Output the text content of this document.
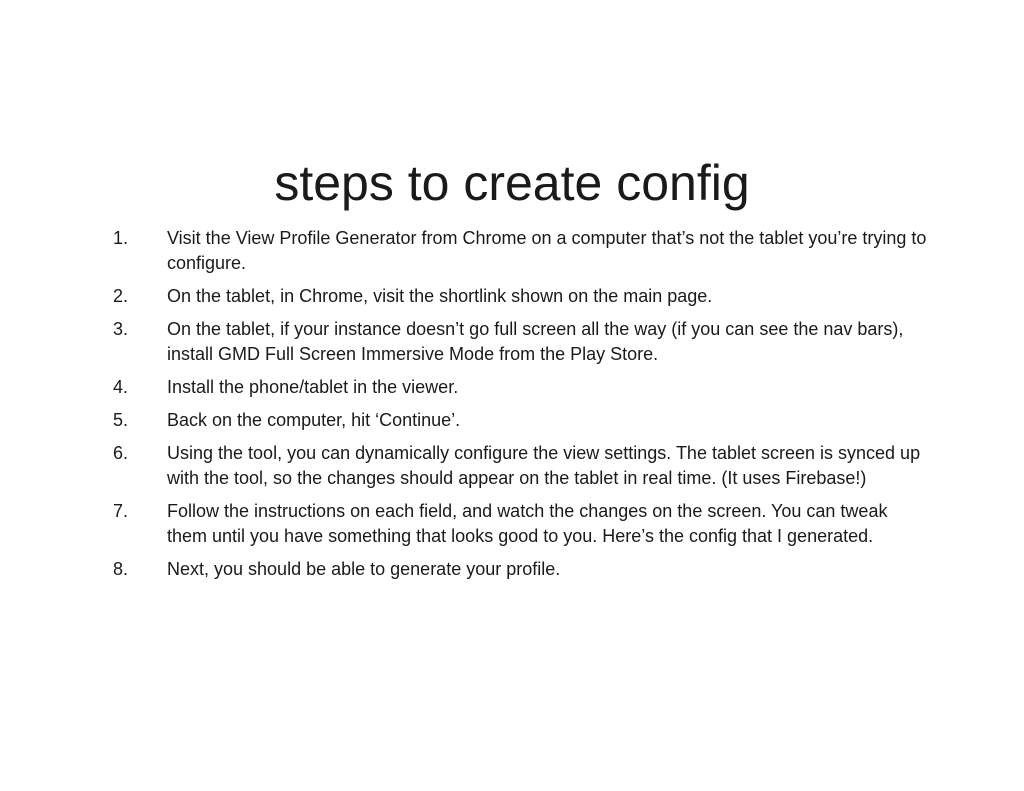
steps to create config
1.	Visit the View Profile Generator from Chrome on a computer that’s not the tablet you’re trying to configure.
2.	On the tablet, in Chrome, visit the shortlink shown on the main page.
3.	On the tablet, if your instance doesn’t go full screen all the way (if you can see the nav bars), install GMD Full Screen Immersive Mode from the Play Store.
4.	Install the phone/tablet in the viewer.
5.	Back on the computer, hit ‘Continue’.
6.	Using the tool, you can dynamically configure the view settings. The tablet screen is synced up with the tool, so the changes should appear on the tablet in real time. (It uses Firebase!)
7.	Follow the instructions on each field, and watch the changes on the screen. You can tweak them until you have something that looks good to you. Here’s the config that I generated.
8.	Next, you should be able to generate your profile.
